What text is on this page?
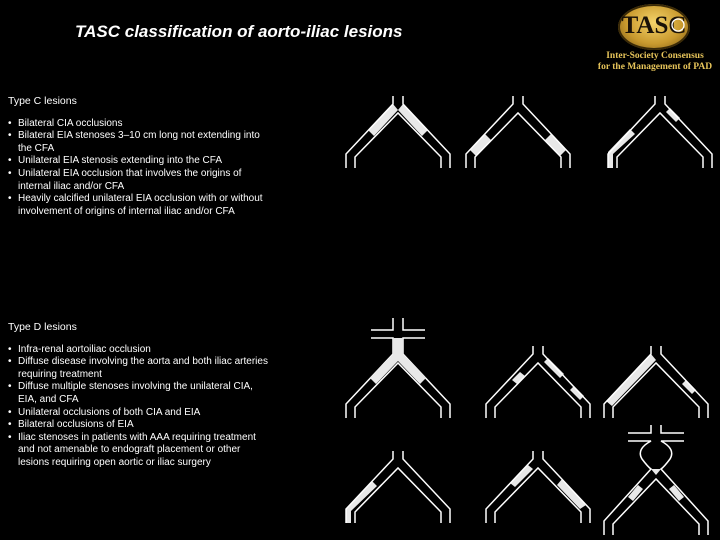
TASC classification of aorto-iliac lesions	TASC
Inter-Society Consensus
for the Management of PAD
Type C lesions
• Bilateral CIA occlusions
• Bilateral EIA stenoses 3–10 cm long not extending into
the CFA
• Unilateral EIA stenosis extending into the CFA
• Unilateral EIA occlusion that involves the origins of
internal iliac and/or CFA
• Heavily calcified unilateral EIA occlusion with or without
involvement of origins of internal iliac and/or CFA
Type D lesions
• Infra-renal aortoiliac occlusion
• Diffuse disease involving the aorta and both iliac arteries
requiring treatment
• Diffuse multiple stenoses involving the unilateral CIA,
EIA, and CFA
• Unilateral occlusions of both CIA and EIA
• Bilateral occlusions of EIA
• Iliac stenoses in patients with AAA requiring treatment
and not amenable to endograft placement or other
lesions requiring open aortic or iliac surgery
